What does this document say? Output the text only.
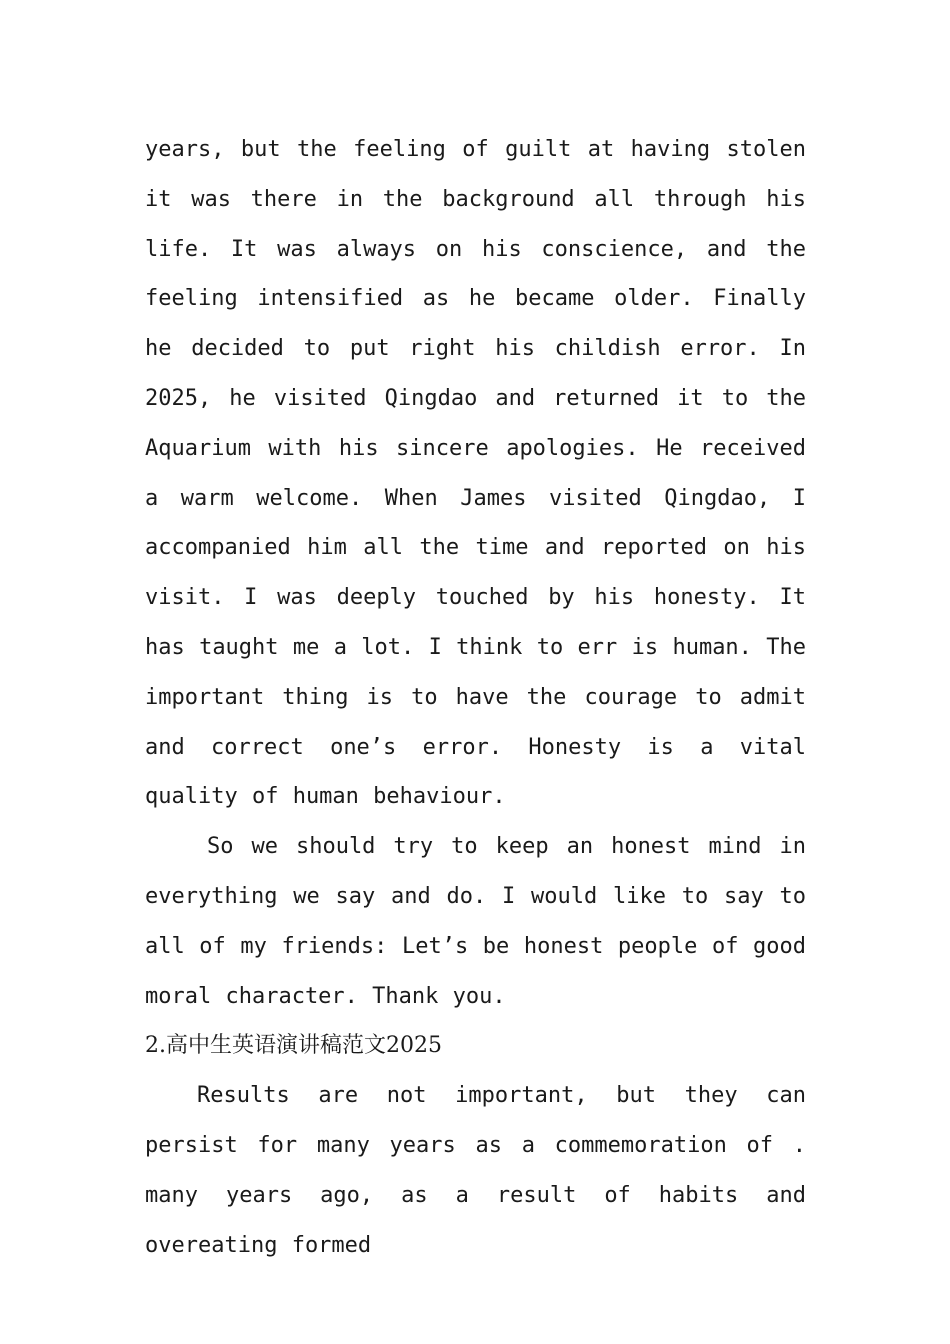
years, but the feeling of guilt at having stolen it was there in the background all through his life. It was always on his conscience, and the feeling intensified as he became older. Finally he decided to put right his childish error. In 2025, he visited Qingdao and returned it to the Aquarium with his sincere apologies. He received a warm welcome. When James visited Qingdao, I accompanied him all the time and reported on his visit. I was deeply touched by his honesty. It has taught me a lot. I think to err is human. The important thing is to have the courage to admit and correct one’s error. Honesty is a vital quality of human behaviour.

So we should try to keep an honest mind in everything we say and do. I would like to say to all of my friends: Let’s be honest people of good moral character. Thank you.

2.高中生英语演讲稿范文2025

Results are not important, but they can persist for many years as a commemoration of . many years ago, as a result of habits and overeating formed
